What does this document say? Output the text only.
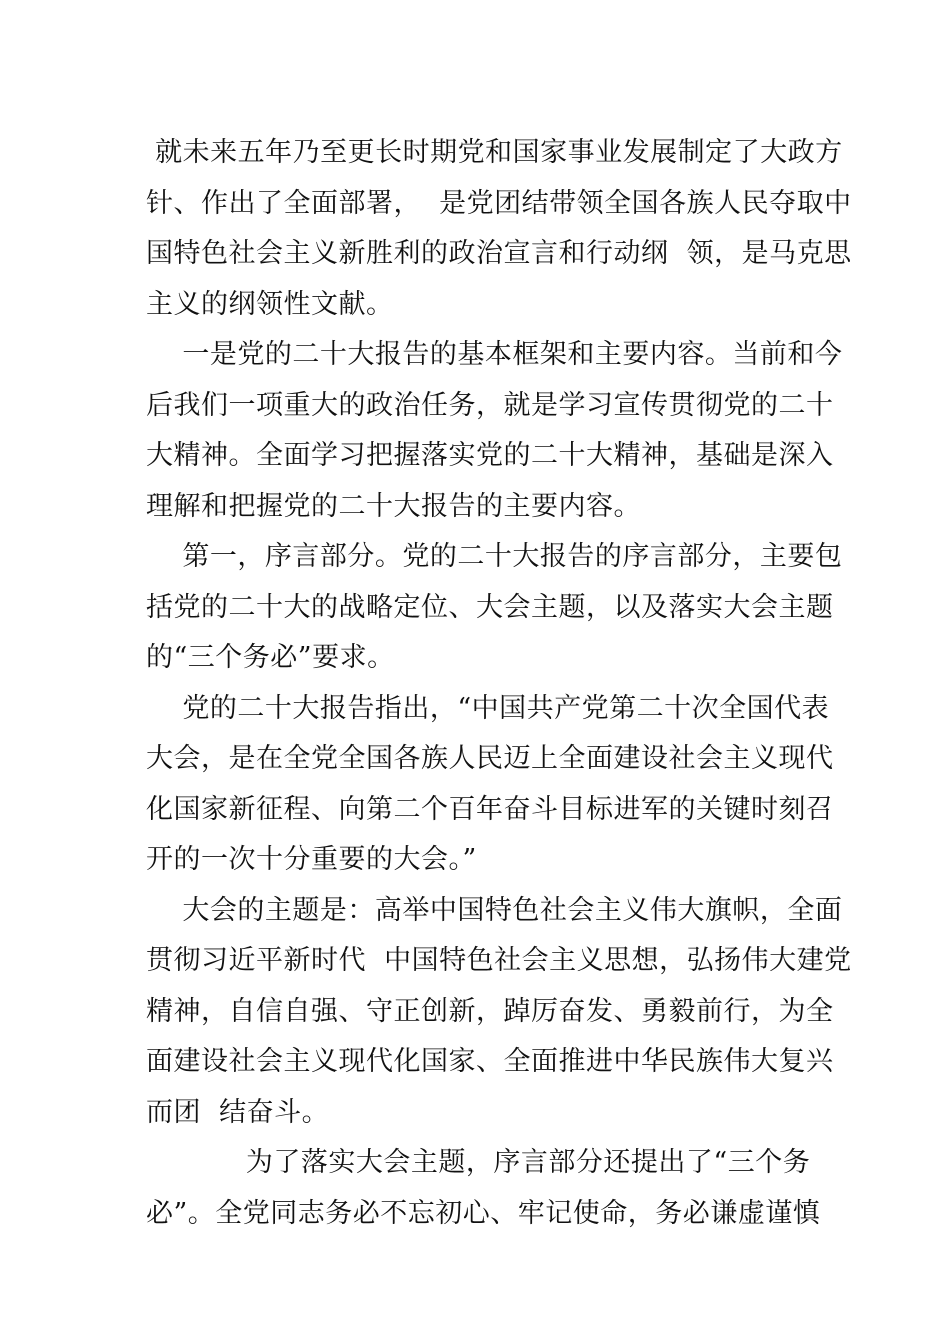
就未来五年乃至更长时期党和国家事业发展制定了大政方
针、作出了全面部署，  是党团结带领全国各族人民夺取中
国特色社会主义新胜利的政治宣言和行动纲  领，是马克思
主义的纲领性文献。
一是党的二十大报告的基本框架和主要内容。当前和今
后我们一项重大的政治任务，就是学习宣传贯彻党的二十
大精神。全面学习把握落实党的二十大精神，基础是深入
理解和把握党的二十大报告的主要内容。
第一，序言部分。党的二十大报告的序言部分，主要包
括党的二十大的战略定位、大会主题，以及落实大会主题
的“三个务必”要求。
党的二十大报告指出，“中国共产党第二十次全国代表
大会，是在全党全国各族人民迈上全面建设社会主义现代
化国家新征程、向第二个百年奋斗目标进军的关键时刻召
开的一次十分重要的大会。”
大会的主题是：高举中国特色社会主义伟大旗帜，全面
贯彻习近平新时代  中国特色社会主义思想，弘扬伟大建党
精神，自信自强、守正创新，踔厉奋发、勇毅前行，为全
面建设社会主义现代化国家、全面推进中华民族伟大复兴
而团  结奋斗。
为了落实大会主题，序言部分还提出了“三个务
必”。全党同志务必不忘初心、牢记使命，务必谦虚谨慎
